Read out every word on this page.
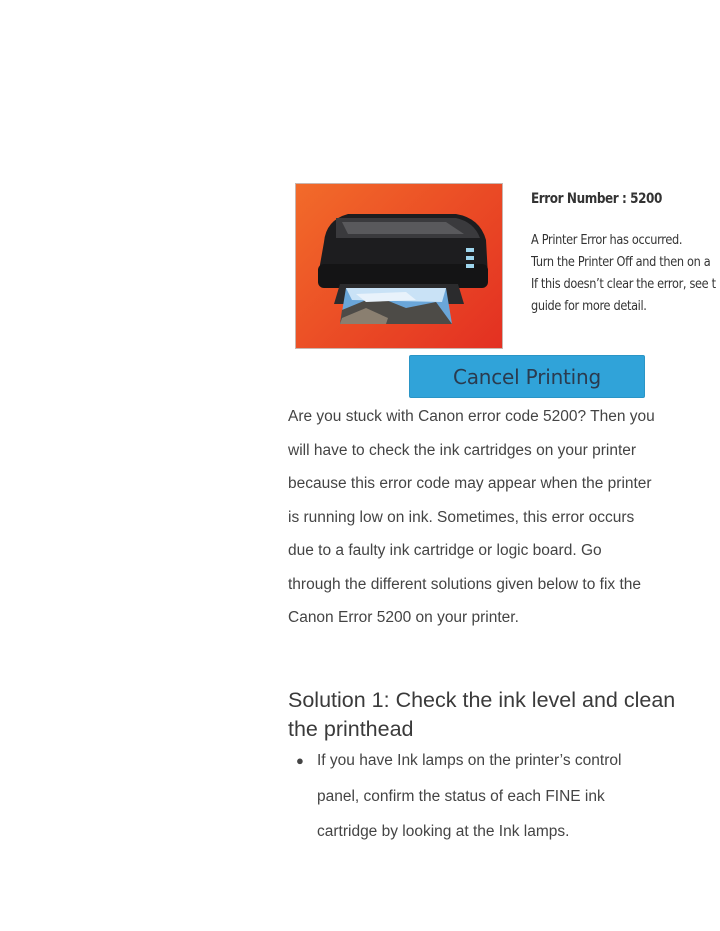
Error Number : 5200
A Printer Error has occurred.
Turn the Printer Off and then on a
If this doesn’t clear the error, see t
guide for more detail.
Cancel Printing

Are you stuck with Canon error code 5200? Then you will have to check the ink cartridges on your printer because this error code may appear when the printer is running low on ink. Sometimes, this error occurs due to a faulty ink cartridge or logic board. Go through the different solutions given below to fix the Canon Error 5200 on your printer.

Solution 1: Check the ink level and clean the printhead
● If you have Ink lamps on the printer’s control panel, confirm the status of each FINE ink cartridge by looking at the Ink lamps.
